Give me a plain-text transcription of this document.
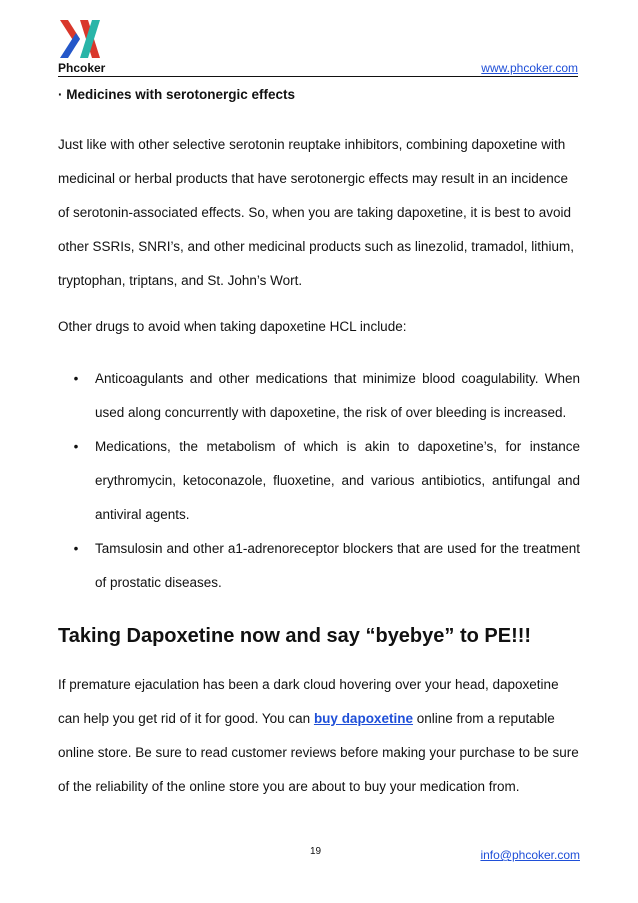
Phcoker	www.phcoker.com

· Medicines with serotonergic effects

Just like with other selective serotonin reuptake inhibitors, combining dapoxetine with medicinal or herbal products that have serotonergic effects may result in an incidence of serotonin-associated effects. So, when you are taking dapoxetine, it is best to avoid other SSRIs, SNRI’s, and other medicinal products such as linezolid, tramadol, lithium, tryptophan, triptans, and St. John’s Wort.

Other drugs to avoid when taking dapoxetine HCL include:

• Anticoagulants and other medications that minimize blood coagulability. When used along concurrently with dapoxetine, the risk of over bleeding is increased.
• Medications, the metabolism of which is akin to dapoxetine’s, for instance erythromycin, ketoconazole, fluoxetine, and various antibiotics, antifungal and antiviral agents.
• Tamsulosin and other a1-adrenoreceptor blockers that are used for the treatment of prostatic diseases.
Taking Dapoxetine now and say “byebye” to PE!!!

If premature ejaculation has been a dark cloud hovering over your head, dapoxetine can help you get rid of it for good. You can buy dapoxetine online from a reputable online store. Be sure to read customer reviews before making your purchase to be sure of the reliability of the online store you are about to buy your medication from.

19	info@phcoker.com
